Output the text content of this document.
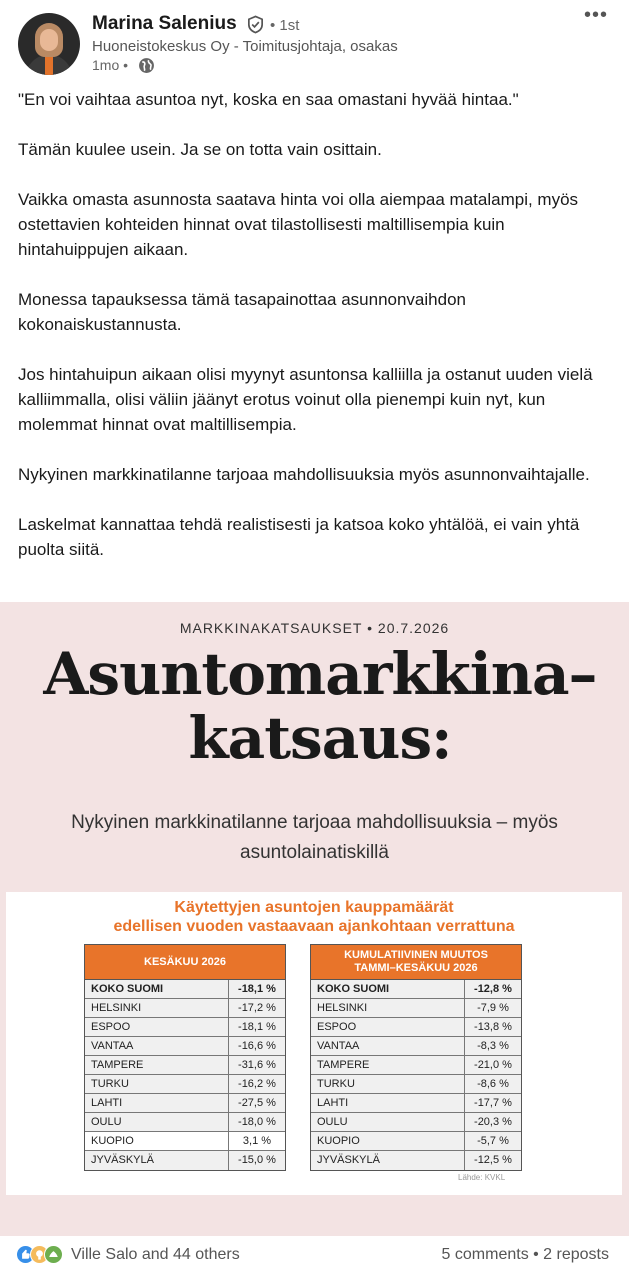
Marina Salenius • 1st
Huoneistokeskus Oy - Toimitusjohtaja, osakas
1mo •
•••

"En voi vaihtaa asuntoa nyt, koska en saa omastani hyvää hintaa."

Tämän kuulee usein. Ja se on totta vain osittain.

Vaikka omasta asunnosta saatava hinta voi olla aiempaa matalampi, myös ostettavien kohteiden hinnat ovat tilastollisesti maltillisempia kuin hintahuippujen aikaan.

Monessa tapauksessa tämä tasapainottaa asunnonvaihdon kokonaiskustannusta.

Jos hintahuipun aikaan olisi myynyt asuntonsa kalliilla ja ostanut uuden vielä kalliimmalla, olisi väliin jäänyt erotus voinut olla pienempi kuin nyt, kun molemmat hinnat ovat maltillisempia.

Nykyinen markkinatilanne tarjoaa mahdollisuuksia myös asunnonvaihtajalle.

Laskelmat kannattaa tehdä realistisesti ja katsoa koko yhtälöä, ei vain yhtä puolta siitä.

MARKKINAKATSAUKSET • 20.7.2026
Asuntomarkkina–
katsaus:
Nykyinen markkinatilanne tarjoaa mahdollisuuksia – myös
asuntolainatiskillä
Käytettyjen asuntojen kauppamäärät
edellisen vuoden vastaavaan ajankohtaan verrattuna
KESÄKUU 2026
KOKO SUOMI	-18,1 %
HELSINKI	-17,2 %
ESPOO	-18,1 %
VANTAA	-16,6 %
TAMPERE	-31,6 %
TURKU	-16,2 %
LAHTI	-27,5 %
OULU	-18,0 %
KUOPIO	3,1 %
JYVÄSKYLÄ	-15,0 %
KUMULATIIVINEN MUUTOS
TAMMI–KESÄKUU 2026
KOKO SUOMI	-12,8 %
HELSINKI	-7,9 %
ESPOO	-13,8 %
VANTAA	-8,3 %
TAMPERE	-21,0 %
TURKU	-8,6 %
LAHTI	-17,7 %
OULU	-20,3 %
KUOPIO	-5,7 %
JYVÄSKYLÄ	-12,5 %
Lähde: KVKL
Ville Salo and 44 others	5 comments • 2 reposts
